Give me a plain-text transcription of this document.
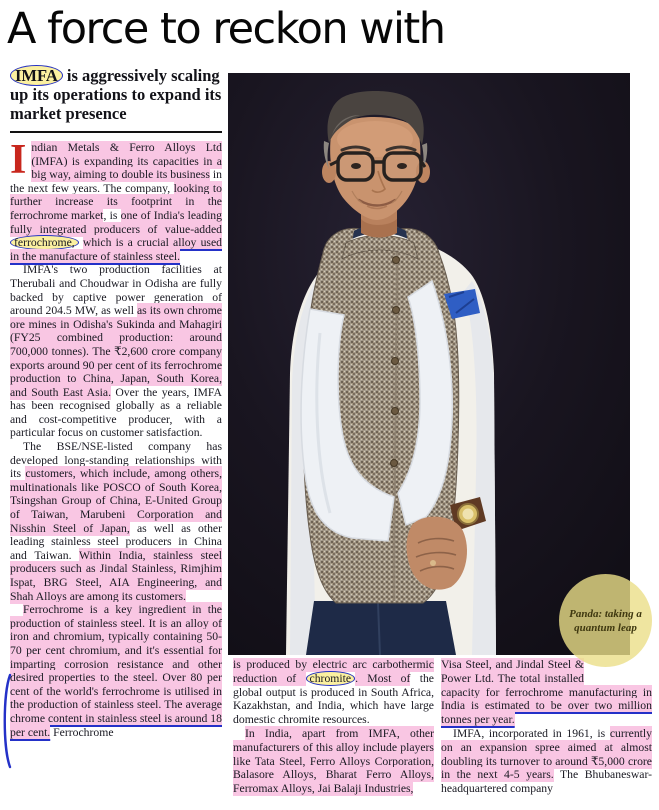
A force to reckon with
Panda: taking a quantum leap

IMFA is aggressively scaling up its operations to expand its market presence

Indian Metals & Ferro Alloys Ltd (IMFA) is expanding its capacities in a big way, aiming to double its business in the next few years. The company, looking to further increase its footprint in the ferrochrome market, is one of India's leading fully integrated producers of value-added ferrochrome, which is a crucial alloy used in the manufacture of stainless steel.

IMFA's two production facilities at Therubali and Choudwar in Odisha are fully backed by captive power generation of around 204.5 MW, as well as its own chrome ore mines in Odisha's Sukinda and Mahagiri (FY25 combined production: around 700,000 tonnes). The ₹2,600 crore company exports around 90 per cent of its ferrochrome production to China, Japan, South Korea, and South East Asia. Over the years, IMFA has been recognised globally as a reliable and cost-competitive producer, with a particular focus on customer satisfaction.

The BSE/NSE-listed company has developed long-standing relationships with its customers, which include, among others, multinationals like POSCO of South Korea, Tsingshan Group of China, E-United Group of Taiwan, Marubeni Corporation and Nisshin Steel of Japan, as well as other leading stainless steel producers in China and Taiwan. Within India, stainless steel producers such as Jindal Stainless, Rimjhim Ispat, BRG Steel, AIA Engineering, and Shah Alloys are among its customers.

Ferrochrome is a key ingredient in the production of stainless steel. It is an alloy of iron and chromium, typically containing 50-70 per cent chromium, and it's essential for imparting corrosion resistance and other desired properties to the steel. Over 80 per cent of the world's ferrochrome is utilised in the production of stainless steel. The average chrome content in stainless steel is around 18 per cent. Ferrochrome

is produced by electric arc carbothermic reduction of chromite . Most of the global output is produced in South Africa, Kazakhstan, and India, which have large domestic chromite resources.

In India, apart from IMFA, other manufacturers of this alloy include players like Tata Steel, Ferro Alloys Corporation, Balasore Alloys, Bharat Ferro Alloys, Ferromax Alloys, Jai Balaji Industries,

Visa Steel, and Jindal Steel & Power Ltd. The total installed capacity for ferrochrome manufacturing in India is estimated to be over two million tonnes per year.

IMFA, incorporated in 1961, is currently on an expansion spree aimed at almost doubling its turnover to around ₹5,000 crore in the next 4-5 years. The Bhubaneswar-headquartered company
